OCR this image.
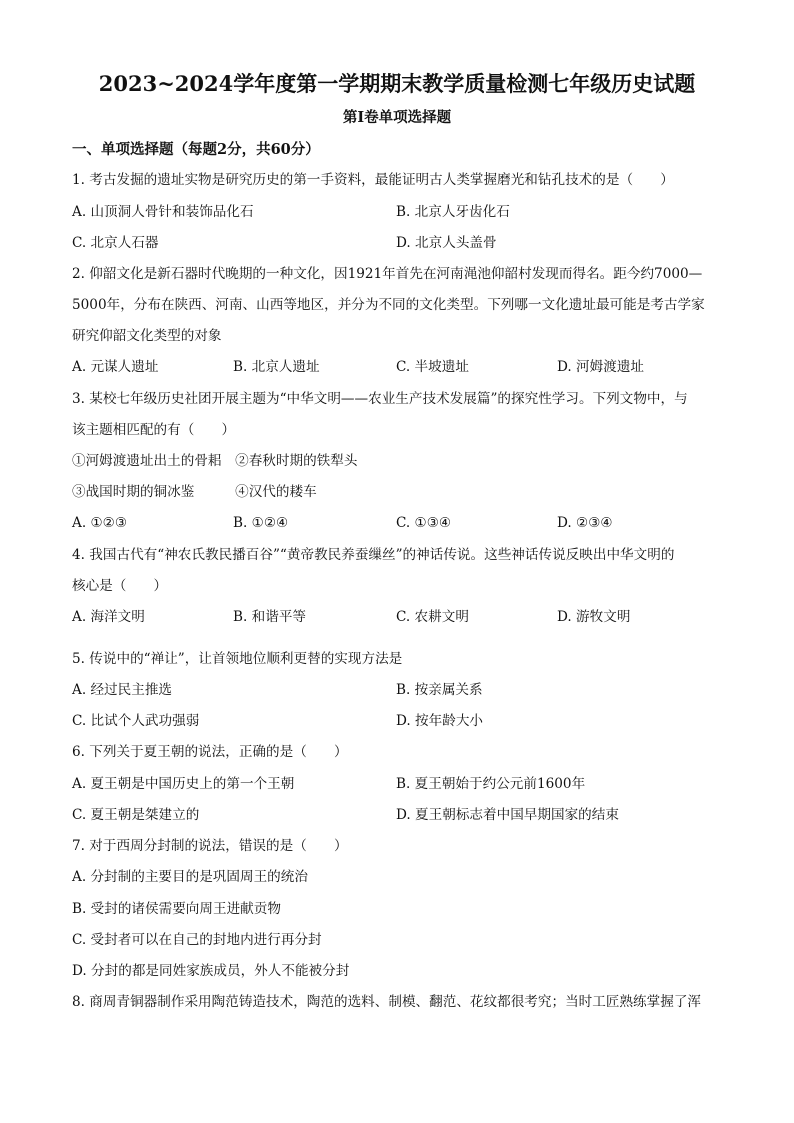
2023~2024学年度第一学期期末教学质量检测七年级历史试题
第Ⅰ卷单项选择题
一、单项选择题（每题2分，共60分）
1. 考古发掘的遗址实物是研究历史的第一手资料，最能证明古人类掌握磨光和钻孔技术的是（　　）
A. 山顶洞人骨针和装饰品化石	B. 北京人牙齿化石
C. 北京人石器	D. 北京人头盖骨
2. 仰韶文化是新石器时代晚期的一种文化，因1921年首先在河南渑池仰韶村发现而得名。距今约7000—
5000年，分布在陕西、河南、山西等地区，并分为不同的文化类型。下列哪一文化遗址最可能是考古学家
研究仰韶文化类型的对象
A. 元谋人遗址	B. 北京人遗址	C. 半坡遗址	D. 河姆渡遗址
3. 某校七年级历史社团开展主题为“中华文明——农业生产技术发展篇”的探究性学习。下列文物中，与
该主题相匹配的有（　　）
①河姆渡遗址出土的骨耜　②春秋时期的铁犁头
③战国时期的铜冰鉴　　　④汉代的耧车
A. ①②③	B. ①②④	C. ①③④	D. ②③④
4. 我国古代有“神农氏教民播百谷”“黄帝教民养蚕缫丝”的神话传说。这些神话传说反映出中华文明的
核心是（　　）
A. 海洋文明	B. 和谐平等	C. 农耕文明	D. 游牧文明
5. 传说中的“禅让”，让首领地位顺利更替的实现方法是
A. 经过民主推选	B. 按亲属关系
C. 比试个人武功强弱	D. 按年龄大小
6. 下列关于夏王朝的说法，正确的是（　　）
A. 夏王朝是中国历史上的第一个王朝	B. 夏王朝始于约公元前1600年
C. 夏王朝是桀建立的	D. 夏王朝标志着中国早期国家的结束
7. 对于西周分封制的说法，错误的是（　　）
A. 分封制的主要目的是巩固周王的统治
B. 受封的诸侯需要向周王进献贡物
C. 受封者可以在自己的封地内进行再分封
D. 分封的都是同姓家族成员，外人不能被分封
8. 商周青铜器制作采用陶范铸造技术，陶范的选料、制模、翻范、花纹都很考究；当时工匠熟练掌握了浑
